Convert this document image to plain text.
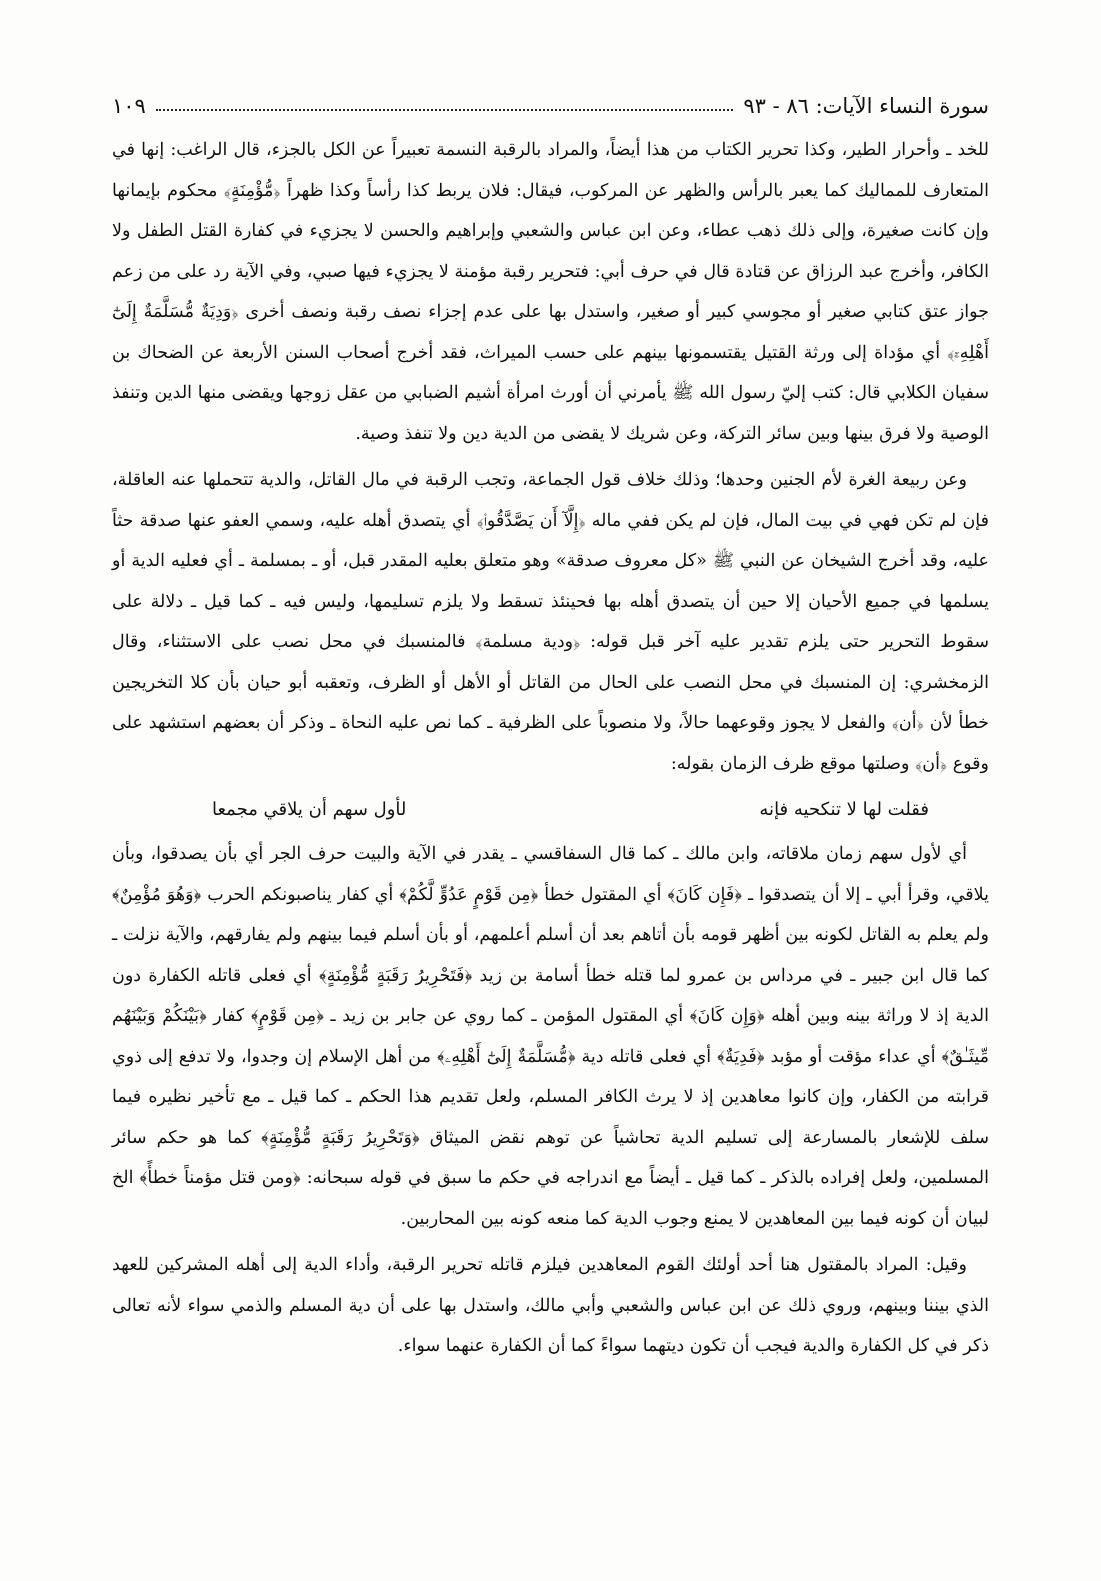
سورة النساء الآيات: ٨٦ - ٩٣
١٠٩

للخد ـ وأحرار الطير، وكذا تحرير الكتاب من هذا أيضاً، والمراد بالرقبة النسمة تعبيراً عن الكل بالجزء، قال الراغب: إنها في المتعارف للمماليك كما يعبر بالرأس والظهر عن المركوب، فيقال: فلان يربط كذا رأساً وكذا ظهراً ﴿مُّؤْمِنَةٍ﴾ محكوم بإيمانها وإن كانت صغيرة، وإلى ذلك ذهب عطاء، وعن ابن عباس والشعبي وإبراهيم والحسن لا يجزيء في كفارة القتل الطفل ولا الكافر، وأخرج عبد الرزاق عن قتادة قال في حرف أبي: فتحرير رقبة مؤمنة لا يجزيء فيها صبي، وفي الآية رد على من زعم جواز عتق كتابي صغير أو مجوسي كبير أو صغير، واستدل بها على عدم إجزاء نصف رقبة ونصف أخرى ﴿وَدِيَةٌ مُّسَلَّمَةٌ إِلَىٰٓ أَهْلِهِۦٓ﴾ أي مؤداة إلى ورثة القتيل يقتسمونها بينهم على حسب الميراث، فقد أخرج أصحاب السنن الأربعة عن الضحاك بن سفيان الكلابي قال: كتب إليّ رسول الله ﷺ يأمرني أن أورث امرأة أشيم الضبابي من عقل زوجها ويقضى منها الدين وتنفذ الوصية ولا فرق بينها وبين سائر التركة، وعن شريك لا يقضى من الدية دين ولا تنفذ وصية.

وعن ربيعة الغرة لأم الجنين وحدها؛ وذلك خلاف قول الجماعة، وتجب الرقبة في مال القاتل، والدية تتحملها عنه العاقلة، فإن لم تكن فهي في بيت المال، فإن لم يكن ففي ماله ﴿إِلَّآ أَن يَصَّدَّقُوا۟﴾ أي يتصدق أهله عليه، وسمي العفو عنها صدقة حثاً عليه، وقد أخرج الشيخان عن النبي ﷺ «كل معروف صدقة» وهو متعلق بعليه المقدر قبل، أو ـ بمسلمة ـ أي فعليه الدية أو يسلمها في جميع الأحيان إلا حين أن يتصدق أهله بها فحينئذ تسقط ولا يلزم تسليمها، وليس فيه ـ كما قيل ـ دلالة على سقوط التحرير حتى يلزم تقدير عليه آخر قبل قوله: ﴿ودية مسلمة﴾ فالمنسبك في محل نصب على الاستثناء، وقال الزمخشري: إن المنسبك في محل النصب على الحال من القاتل أو الأهل أو الظرف، وتعقبه أبو حيان بأن كلا التخريجين خطأ لأن ﴿أن﴾ والفعل لا يجوز وقوعهما حالاً، ولا منصوباً على الظرفية ـ كما نص عليه النحاة ـ وذكر أن بعضهم استشهد على وقوع ﴿أن﴾ وصلتها موقع ظرف الزمان بقوله:

فقلت لها لا تنكحيه فإنه
لأول سهم أن يلاقي مجمعا

أي لأول سهم زمان ملاقاته، وابن مالك ـ كما قال السفاقسي ـ يقدر في الآية والبيت حرف الجر أي بأن يصدقوا، وبأن يلاقي، وقرأ أبي ـ إلا أن يتصدقوا ـ ﴿فَإِن كَانَ﴾ أي المقتول خطأ ﴿مِن قَوْمٍ عَدُوٍّ لَّكُمْ﴾ أي كفار يناصبونكم الحرب ﴿وَهُوَ مُؤْمِنٌ﴾ ولم يعلم به القاتل لكونه بين أظهر قومه بأن أتاهم بعد أن أسلم أعلمهم، أو بأن أسلم فيما بينهم ولم يفارقهم، والآية نزلت ـ كما قال ابن جبير ـ في مرداس بن عمرو لما قتله خطأ أسامة بن زيد ﴿فَتَحْرِيرُ رَقَبَةٍ مُّؤْمِنَةٍ﴾ أي فعلى قاتله الكفارة دون الدية إذ لا وراثة بينه وبين أهله ﴿وَإِن كَانَ﴾ أي المقتول المؤمن ـ كما روي عن جابر بن زيد ـ ﴿مِن قَوْمٍ﴾ كفار ﴿بَيْنَكُمْ وَبَيْنَهُم مِّيثَـٰقٌ﴾ أي عداء مؤقت أو مؤبد ﴿فَدِيَةٌ﴾ أي فعلى قاتله دية ﴿مُّسَلَّمَةٌ إِلَىٰٓ أَهْلِهِۦ﴾ من أهل الإسلام إن وجدوا، ولا تدفع إلى ذوي قرابته من الكفار، وإن كانوا معاهدين إذ لا يرث الكافر المسلم، ولعل تقديم هذا الحكم ـ كما قيل ـ مع تأخير نظيره فيما سلف للإشعار بالمسارعة إلى تسليم الدية تحاشياً عن توهم نقض الميثاق ﴿وَتَحْرِيرُ رَقَبَةٍ مُّؤْمِنَةٍ﴾ كما هو حكم سائر المسلمين، ولعل إفراده بالذكر ـ كما قيل ـ أيضاً مع اندراجه في حكم ما سبق في قوله سبحانه: ﴿ومن قتل مؤمناً خطأً﴾ الخ لبيان أن كونه فيما بين المعاهدين لا يمنع وجوب الدية كما منعه كونه بين المحاربين.

وقيل: المراد بالمقتول هنا أحد أولئك القوم المعاهدين فيلزم قاتله تحرير الرقبة، وأداء الدية إلى أهله المشركين للعهد الذي بيننا وبينهم، وروي ذلك عن ابن عباس والشعبي وأبي مالك، واستدل بها على أن دية المسلم والذمي سواء لأنه تعالى ذكر في كل الكفارة والدية فيجب أن تكون ديتهما سواءً كما أن الكفارة عنهما سواء.
